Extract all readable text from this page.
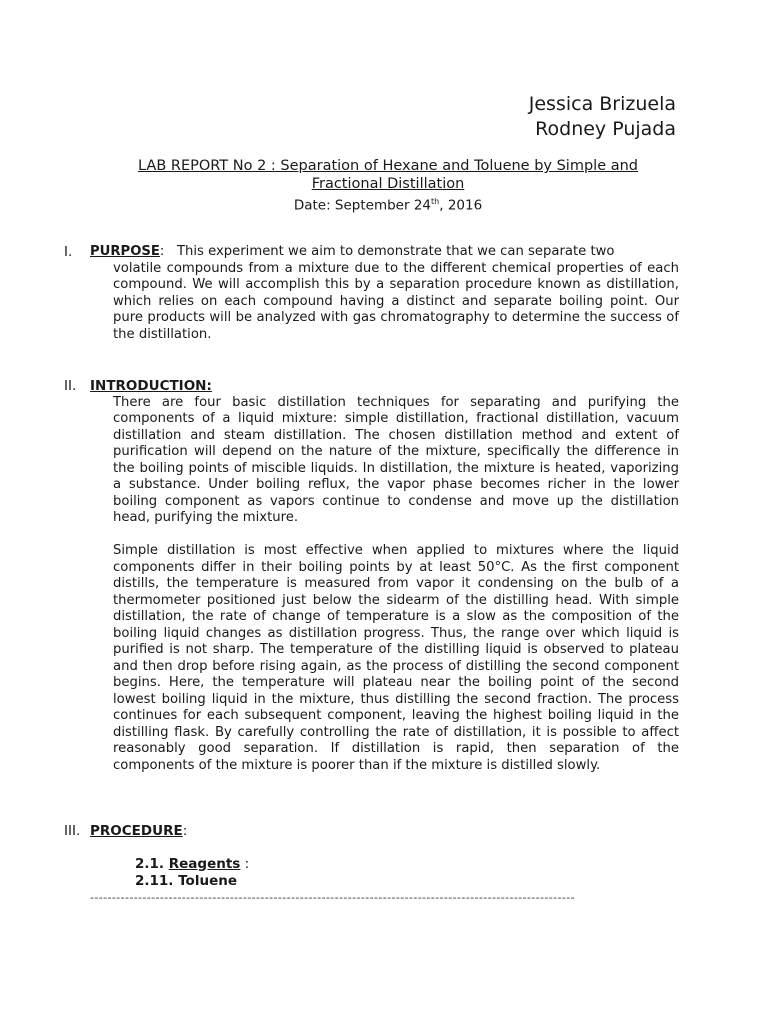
Jessica Brizuela
Rodney Pujada
LAB REPORT No 2 : Separation of Hexane and Toluene by Simple and
Fractional Distillation
Date: September 24th, 2016
I. PURPOSE: This experiment we aim to demonstrate that we can separate two
volatile compounds from a mixture due to the different chemical properties of each compound. We will accomplish this by a separation procedure known as distillation, which relies on each compound having a distinct and separate boiling point. Our pure products will be analyzed with gas chromatography to determine the success of the distillation.
II. INTRODUCTION:
There are four basic distillation techniques for separating and purifying the components of a liquid mixture: simple distillation, fractional distillation, vacuum distillation and steam distillation. The chosen distillation method and extent of purification will depend on the nature of the mixture, specifically the difference in the boiling points of miscible liquids. In distillation, the mixture is heated, vaporizing a substance. Under boiling reflux, the vapor phase becomes richer in the lower boiling component as vapors continue to condense and move up the distillation head, purifying the mixture.
Simple distillation is most effective when applied to mixtures where the liquid components differ in their boiling points by at least 50°C. As the first component distills, the temperature is measured from vapor it condensing on the bulb of a thermometer positioned just below the sidearm of the distilling head. With simple distillation, the rate of change of temperature is a slow as the composition of the boiling liquid changes as distillation progress. Thus, the range over which liquid is purified is not sharp. The temperature of the distilling liquid is observed to plateau and then drop before rising again, as the process of distilling the second component begins. Here, the temperature will plateau near the boiling point of the second lowest boiling liquid in the mixture, thus distilling the second fraction. The process continues for each subsequent component, leaving the highest boiling liquid in the distilling flask. By carefully controlling the rate of distillation, it is possible to affect reasonably good separation. If distillation is rapid, then separation of the components of the mixture is poorer than if the mixture is distilled slowly.
III. PROCEDURE:
2.1. Reagents :
2.11. Toluene
---------------------------------------------------------------------------------------------------------------
